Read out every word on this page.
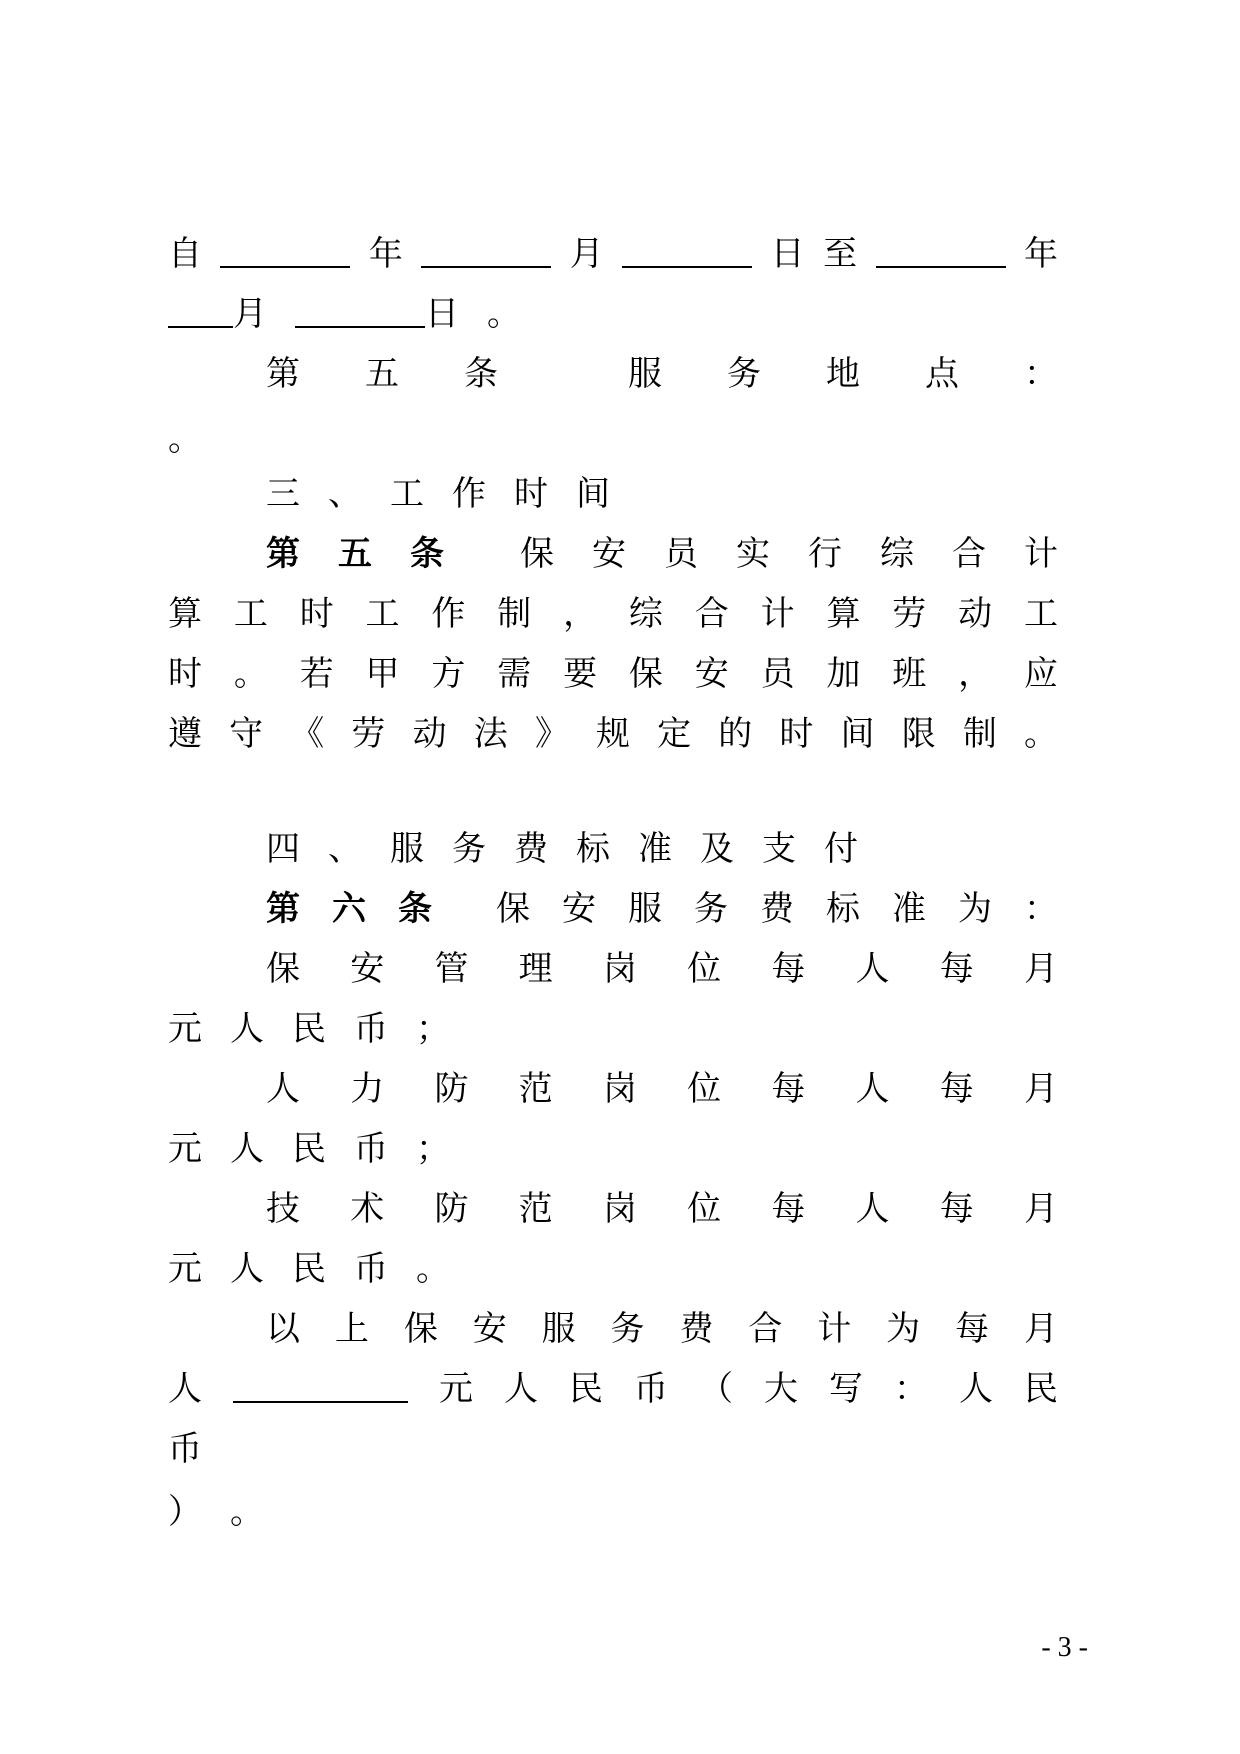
自	年	月	日 至	年
月	日 。
第 五 条	服 务 地 点 ：
。
三 、 工 作 时 间
第 五 条 保 安 员 实 行 综 合 计
算 工 时 工 作 制 ， 综 合 计 算 劳 动 工
时 。 若 甲 方 需 要 保 安 员 加 班 ， 应
遵 守 《 劳 动 法 》 规 定 的 时 间 限 制 。
四 、 服 务 费 标 准 及 支 付
第 六 条 保 安 服 务 费 标 准 为 ：
保 安 管 理 岗 位 每 人 每 月
元 人 民 币 ；
人 力 防 范 岗 位 每 人 每 月
元 人 民 币 ；
技 术 防 范 岗 位 每 人 每 月
元 人 民 币 。
以 上 保 安 服 务 费 合 计 为 每 月
人	元 人 民 币 （ 大 写 ： 人 民
币
） 。
- 3 -
